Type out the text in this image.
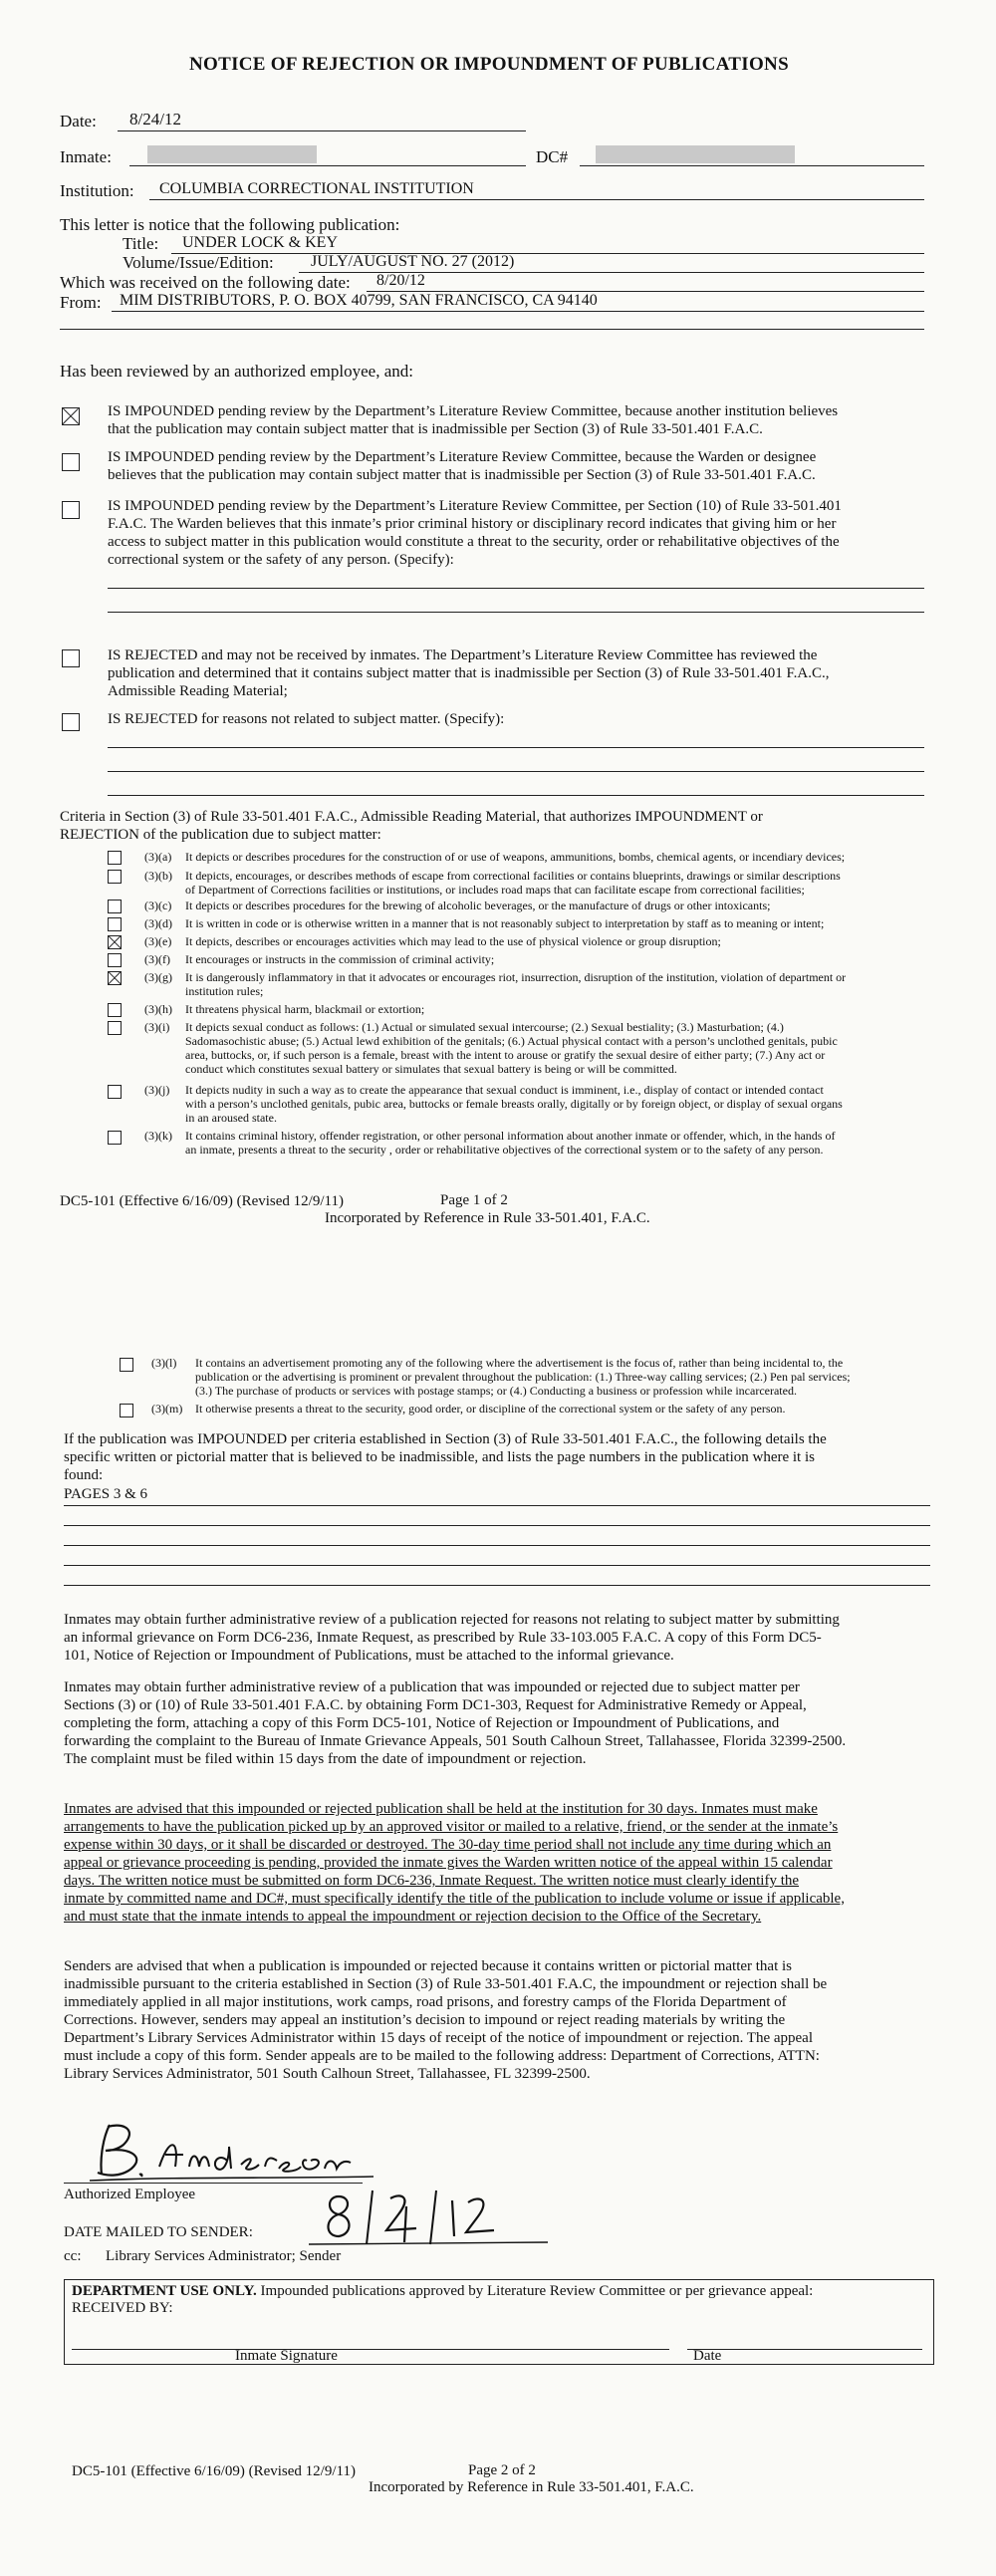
NOTICE OF REJECTION OR IMPOUNDMENT OF PUBLICATIONS
Date: 8/24/12
Inmate:	DC#
Institution: COLUMBIA CORRECTIONAL INSTITUTION
This letter is notice that the following publication:
Title: UNDER LOCK & KEY
Volume/Issue/Edition: JULY/AUGUST NO. 27 (2012)
Which was received on the following date: 8/20/12
From: MIM DISTRIBUTORS, P. O. BOX 40799, SAN FRANCISCO, CA 94140
Has been reviewed by an authorized employee, and:
IS IMPOUNDED pending review by the Department’s Literature Review Committee, because another institution believes
that the publication may contain subject matter that is inadmissible per Section (3) of Rule 33-501.401 F.A.C.
IS IMPOUNDED pending review by the Department’s Literature Review Committee, because the Warden or designee
believes that the publication may contain subject matter that is inadmissible per Section (3) of Rule 33-501.401 F.A.C.
IS IMPOUNDED pending review by the Department’s Literature Review Committee, per Section (10) of Rule 33-501.401
F.A.C. The Warden believes that this inmate’s prior criminal history or disciplinary record indicates that giving him or her
access to subject matter in this publication would constitute a threat to the security, order or rehabilitative objectives of the
correctional system or the safety of any person. (Specify):
IS REJECTED and may not be received by inmates. The Department’s Literature Review Committee has reviewed the
publication and determined that it contains subject matter that is inadmissible per Section (3) of Rule 33-501.401 F.A.C.,
Admissible Reading Material;
IS REJECTED for reasons not related to subject matter. (Specify):
Criteria in Section (3) of Rule 33-501.401 F.A.C., Admissible Reading Material, that authorizes IMPOUNDMENT or
REJECTION of the publication due to subject matter:
(3)(a) It depicts or describes procedures for the construction of or use of weapons, ammunitions, bombs, chemical agents, or incendiary devices;
(3)(b) It depicts, encourages, or describes methods of escape from correctional facilities or contains blueprints, drawings or similar descriptions
of Department of Corrections facilities or institutions, or includes road maps that can facilitate escape from correctional facilities;
(3)(c) It depicts or describes procedures for the brewing of alcoholic beverages, or the manufacture of drugs or other intoxicants;
(3)(d) It is written in code or is otherwise written in a manner that is not reasonably subject to interpretation by staff as to meaning or intent;
(3)(e) It depicts, describes or encourages activities which may lead to the use of physical violence or group disruption;
(3)(f) It encourages or instructs in the commission of criminal activity;
(3)(g) It is dangerously inflammatory in that it advocates or encourages riot, insurrection, disruption of the institution, violation of department or
institution rules;
(3)(h) It threatens physical harm, blackmail or extortion;
(3)(i) It depicts sexual conduct as follows: (1.) Actual or simulated sexual intercourse; (2.) Sexual bestiality; (3.) Masturbation; (4.)
Sadomasochistic abuse; (5.) Actual lewd exhibition of the genitals; (6.) Actual physical contact with a person’s unclothed genitals, pubic
area, buttocks, or, if such person is a female, breast with the intent to arouse or gratify the sexual desire of either party; (7.) Any act or
conduct which constitutes sexual battery or simulates that sexual battery is being or will be committed.
(3)(j) It depicts nudity in such a way as to create the appearance that sexual conduct is imminent, i.e., display of contact or intended contact
with a person’s unclothed genitals, pubic area, buttocks or female breasts orally, digitally or by foreign object, or display of sexual organs
in an aroused state.
(3)(k) It contains criminal history, offender registration, or other personal information about another inmate or offender, which, in the hands of
an inmate, presents a threat to the security , order or rehabilitative objectives of the correctional system or to the safety of any person.
DC5-101 (Effective 6/16/09) (Revised 12/9/11)	Page 1 of 2
Incorporated by Reference in Rule 33-501.401, F.A.C.
(3)(l) It contains an advertisement promoting any of the following where the advertisement is the focus of, rather than being incidental to, the
publication or the advertising is prominent or prevalent throughout the publication: (1.) Three-way calling services; (2.) Pen pal services;
(3.) The purchase of products or services with postage stamps; or (4.) Conducting a business or profession while incarcerated.
(3)(m) It otherwise presents a threat to the security, good order, or discipline of the correctional system or the safety of any person.
If the publication was IMPOUNDED per criteria established in Section (3) of Rule 33-501.401 F.A.C., the following details the
specific written or pictorial matter that is believed to be inadmissible, and lists the page numbers in the publication where it is
found:
PAGES 3 & 6
Inmates may obtain further administrative review of a publication rejected for reasons not relating to subject matter by submitting
an informal grievance on Form DC6-236, Inmate Request, as prescribed by Rule 33-103.005 F.A.C. A copy of this Form DC5-
101, Notice of Rejection or Impoundment of Publications, must be attached to the informal grievance.
Inmates may obtain further administrative review of a publication that was impounded or rejected due to subject matter per
Sections (3) or (10) of Rule 33-501.401 F.A.C. by obtaining Form DC1-303, Request for Administrative Remedy or Appeal,
completing the form, attaching a copy of this Form DC5-101, Notice of Rejection or Impoundment of Publications, and
forwarding the complaint to the Bureau of Inmate Grievance Appeals, 501 South Calhoun Street, Tallahassee, Florida 32399-2500.
The complaint must be filed within 15 days from the date of impoundment or rejection.
Inmates are advised that this impounded or rejected publication shall be held at the institution for 30 days. Inmates must make
arrangements to have the publication picked up by an approved visitor or mailed to a relative, friend, or the sender at the inmate’s
expense within 30 days, or it shall be discarded or destroyed. The 30-day time period shall not include any time during which an
appeal or grievance proceeding is pending, provided the inmate gives the Warden written notice of the appeal within 15 calendar
days. The written notice must be submitted on form DC6-236, Inmate Request. The written notice must clearly identify the
inmate by committed name and DC#, must specifically identify the title of the publication to include volume or issue if applicable,
and must state that the inmate intends to appeal the impoundment or rejection decision to the Office of the Secretary.
Senders are advised that when a publication is impounded or rejected because it contains written or pictorial matter that is
inadmissible pursuant to the criteria established in Section (3) of Rule 33-501.401 F.A.C, the impoundment or rejection shall be
immediately applied in all major institutions, work camps, road prisons, and forestry camps of the Florida Department of
Corrections. However, senders may appeal an institution’s decision to impound or reject reading materials by writing the
Department’s Library Services Administrator within 15 days of receipt of the notice of impoundment or rejection. The appeal
must include a copy of this form. Sender appeals are to be mailed to the following address: Department of Corrections, ATTN:
Library Services Administrator, 501 South Calhoun Street, Tallahassee, FL 32399-2500.
Authorized Employee
DATE MAILED TO SENDER:
cc: Library Services Administrator; Sender
DEPARTMENT USE ONLY. Impounded publications approved by Literature Review Committee or per grievance appeal:
RECEIVED BY:
Inmate Signature	Date
DC5-101 (Effective 6/16/09) (Revised 12/9/11)	Page 2 of 2
Incorporated by Reference in Rule 33-501.401, F.A.C.
